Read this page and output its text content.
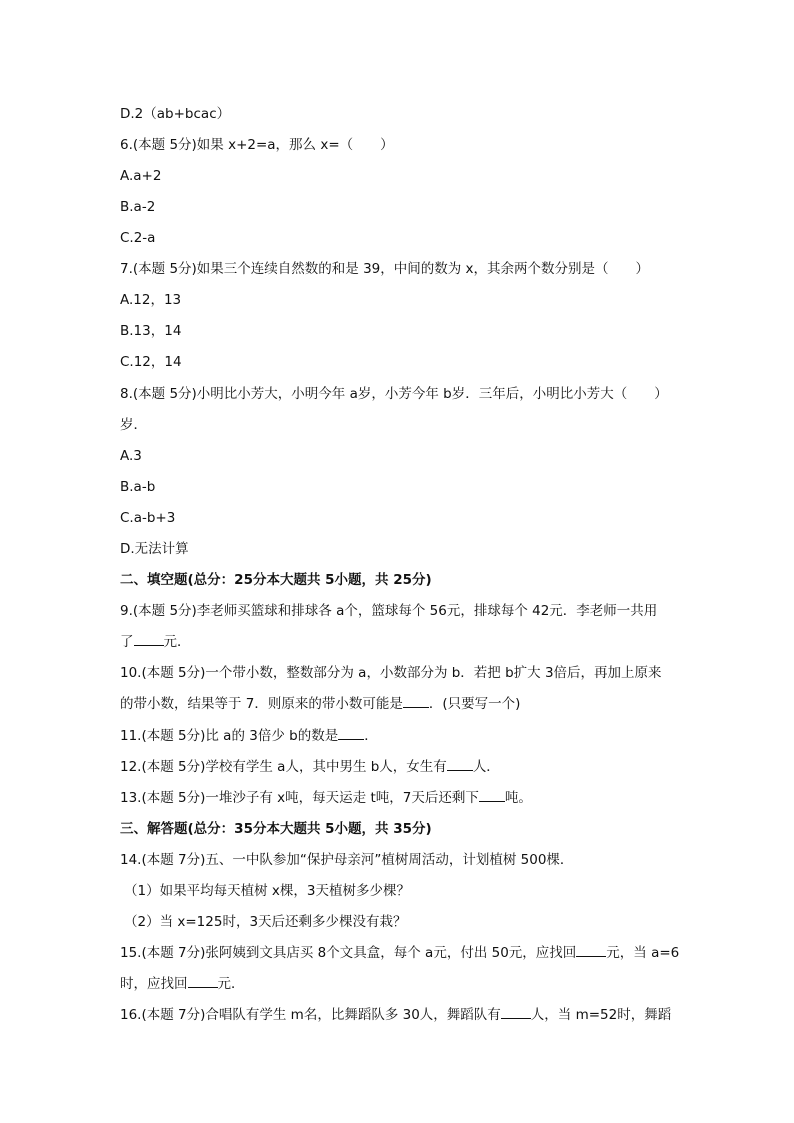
D.2（ab+bcac）
6.(本题 5分)如果 x+2=a，那么 x=（　　）
A.a+2
B.a-2
C.2-a
7.(本题 5分)如果三个连续自然数的和是 39，中间的数为 x，其余两个数分别是（　　）
A.12，13
B.13，14
C.12，14
8.(本题 5分)小明比小芳大，小明今年 a岁，小芳今年 b岁．三年后，小明比小芳大（　　）
岁．
A.3
B.a-b
C.a-b+3
D.无法计算
二、填空题(总分：25分本大题共 5小题，共 25分)
9.(本题 5分)李老师买篮球和排球各 a个，篮球每个 56元，排球每个 42元．李老师一共用
了 元．
10.(本题 5分)一个带小数，整数部分为 a，小数部分为 b．若把 b扩大 3倍后，再加上原来
的带小数，结果等于 7．则原来的带小数可能是 ．(只要写一个)
11.(本题 5分)比 a的 3倍少 b的数是 ．
12.(本题 5分)学校有学生 a人，其中男生 b人，女生有 人．
13.(本题 5分)一堆沙子有 x吨，每天运走 t吨，7天后还剩下 吨。
三、解答题(总分：35分本大题共 5小题，共 35分)
14.(本题 7分)五、一中队参加“保护母亲河”植树周活动，计划植树 500棵．
（1）如果平均每天植树 x棵，3天植树多少棵？
（2）当 x=125时，3天后还剩多少棵没有栽？
15.(本题 7分)张阿姨到文具店买 8个文具盒，每个 a元，付出 50元，应找回 元，当 a=6
时，应找回 元．
16.(本题 7分)合唱队有学生 m名，比舞蹈队多 30人，舞蹈队有 人，当 m=52时，舞蹈
